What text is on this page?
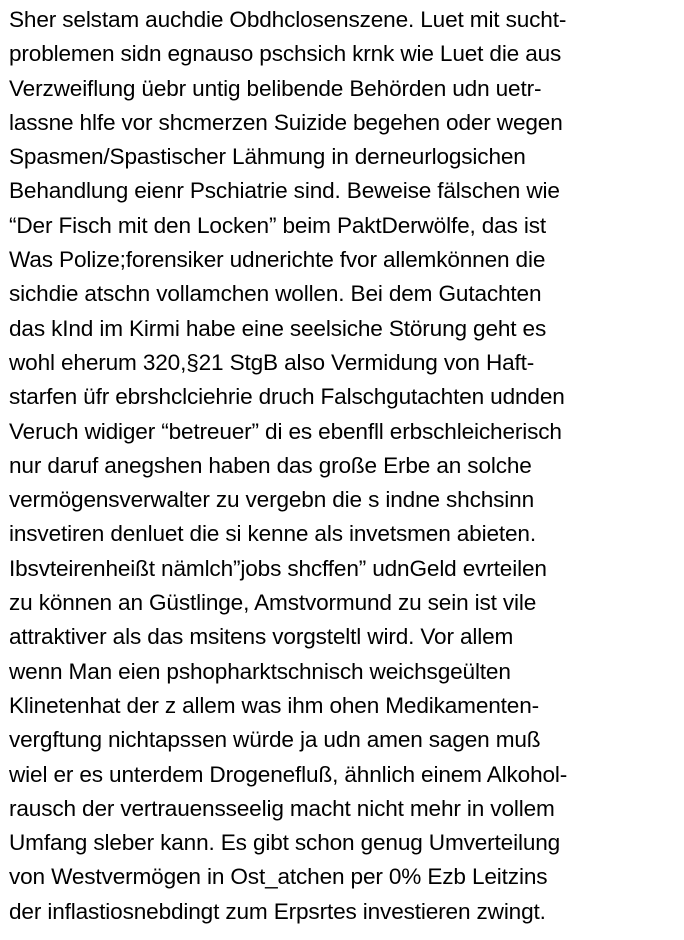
Sher selstam auchdie Obdhclosenszene. Luet mit sucht-
problemen sidn egnauso pschsich krnk wie Luet die aus
Verzweiflung üebr untig belibende Behörden udn uetr-
lassne hlfe vor shcmerzen Suizide begehen oder wegen
Spasmen/Spastischer Lähmung in derneurlogsichen
Behandlung eienr Pschiatrie sind. Beweise fälschen wie
“Der Fisch mit den Locken” beim PaktDerwölfe, das ist
Was Polize;forensiker udnerichte fvor allemkönnen die
sichdie atschn vollamchen wollen. Bei dem Gutachten
das kInd im Kirmi habe eine seelsiche Störung geht es
wohl eherum 320,§21 StgB also Vermidung von Haft-
starfen üfr ebrshclciehrie druch Falschgutachten udnden
Veruch widiger “betreuer” di es ebenfll erbschleicherisch
nur daruf anegshen haben das große Erbe an solche
vermögensverwalter zu vergebn die s indne shchsinn
insvetiren denluet die si kenne als invetsmen abieten.
Ibsvteirenheißt nämlch”jobs shcffen” udnGeld evrteilen
zu können an Güstlinge, Amstvormund zu sein ist vile
attraktiver als das msitens vorgsteltl wird. Vor allem
wenn Man eien pshopharktschnisch weichsgeülten
Klinetenhat der z allem was ihm ohen Medikamenten-
vergftung nichtapssen würde ja udn amen sagen muß
wiel er es unterdem Drogenefluß, ähnlich einem Alkohol-
rausch der vertrauensseelig macht nicht mehr in vollem
Umfang sleber kann. Es gibt schon genug Umverteilung
von Westvermögen in Ost_atchen per 0% Ezb Leitzins
der inflastiosnebdingt zum Erpsrtes investieren zwingt.
